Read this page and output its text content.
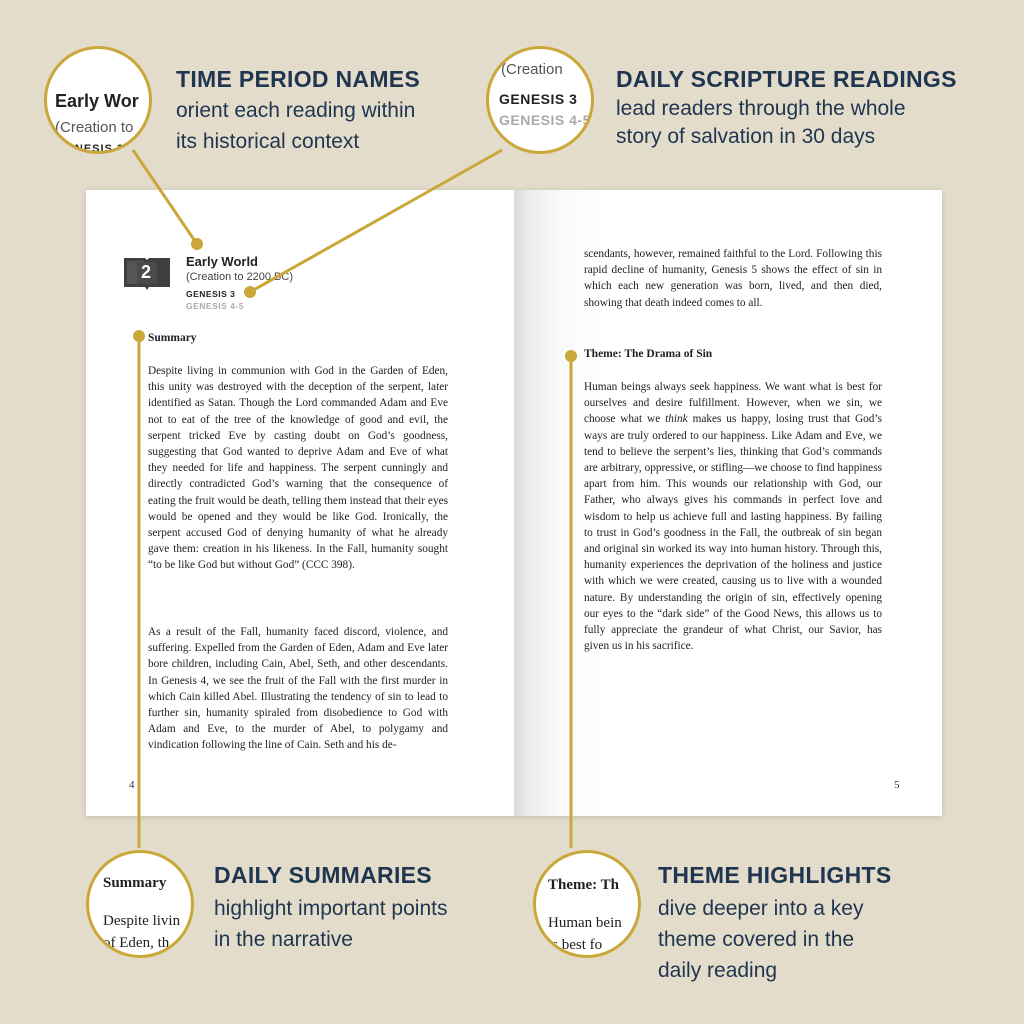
2
Early World
(Creation to 2200 BC)
GENESIS 3
GENESIS 4-5

Summary

Despite living in communion with God in the Garden of Eden, this unity was destroyed with the deception of the serpent, later identified as Satan. Though the Lord commanded Adam and Eve not to eat of the tree of the knowledge of good and evil, the serpent tricked Eve by casting doubt on God’s goodness, suggesting that God wanted to deprive Adam and Eve of what they needed for life and happiness. The serpent cunningly and directly contradicted God’s warning that the consequence of eating the fruit would be death, telling them instead that their eyes would be opened and they would be like God. Ironically, the serpent accused God of denying humanity of what he already gave them: creation in his likeness. In the Fall, humanity sought “to be like God but without God” (CCC 398).

As a result of the Fall, humanity faced discord, violence, and suffering. Expelled from the Garden of Eden, Adam and Eve later bore children, including Cain, Abel, Seth, and other descendants. In Genesis 4, we see the fruit of the Fall with the first murder in which Cain killed Abel. Illustrating the tendency of sin to lead to further sin, humanity spiraled from disobedience to God with Adam and Eve, to the murder of Abel, to polygamy and vindication following the line of Cain. Seth and his de-

4

scendants, however, remained faithful to the Lord. Following this rapid decline of humanity, Genesis 5 shows the effect of sin in which each new generation was born, lived, and then died, showing that death indeed comes to all.

Theme: The Drama of Sin

Human beings always seek happiness. We want what is best for ourselves and desire fulfillment. However, when we sin, we choose what we think makes us happy, losing trust that God’s ways are truly ordered to our happiness. Like Adam and Eve, we tend to believe the serpent’s lies, thinking that God’s commands are arbitrary, oppressive, or stifling—we choose to find happiness apart from him. This wounds our relationship with God, our Father, who always gives his commands in perfect love and wisdom to help us achieve full and lasting happiness. By failing to trust in God’s goodness in the Fall, the outbreak of sin began and original sin worked its way into human history. Through this, humanity experiences the deprivation of the holiness and justice with which we were created, causing us to live with a wounded nature. By understanding the origin of sin, effectively opening our eyes to the “dark side” of the Good News, this allows us to fully appreciate the grandeur of what Christ, our Savior, has given us in his sacrifice.

5
Early Wor
(Creation to
GENESIS 3
TIME PERIOD NAMES

orient each reading within

its historical context

(Creation
GENESIS 3
GENESIS 4-5
DAILY SCRIPTURE READINGS

lead readers through the whole

story of salvation in 30 days

Summary
Despite livin
of Eden, th
DAILY SUMMARIES

highlight important points

in the narrative

Theme: Th
Human bein
is best fo
THEME HIGHLIGHTS

dive deeper into a key

theme covered in the

daily reading
